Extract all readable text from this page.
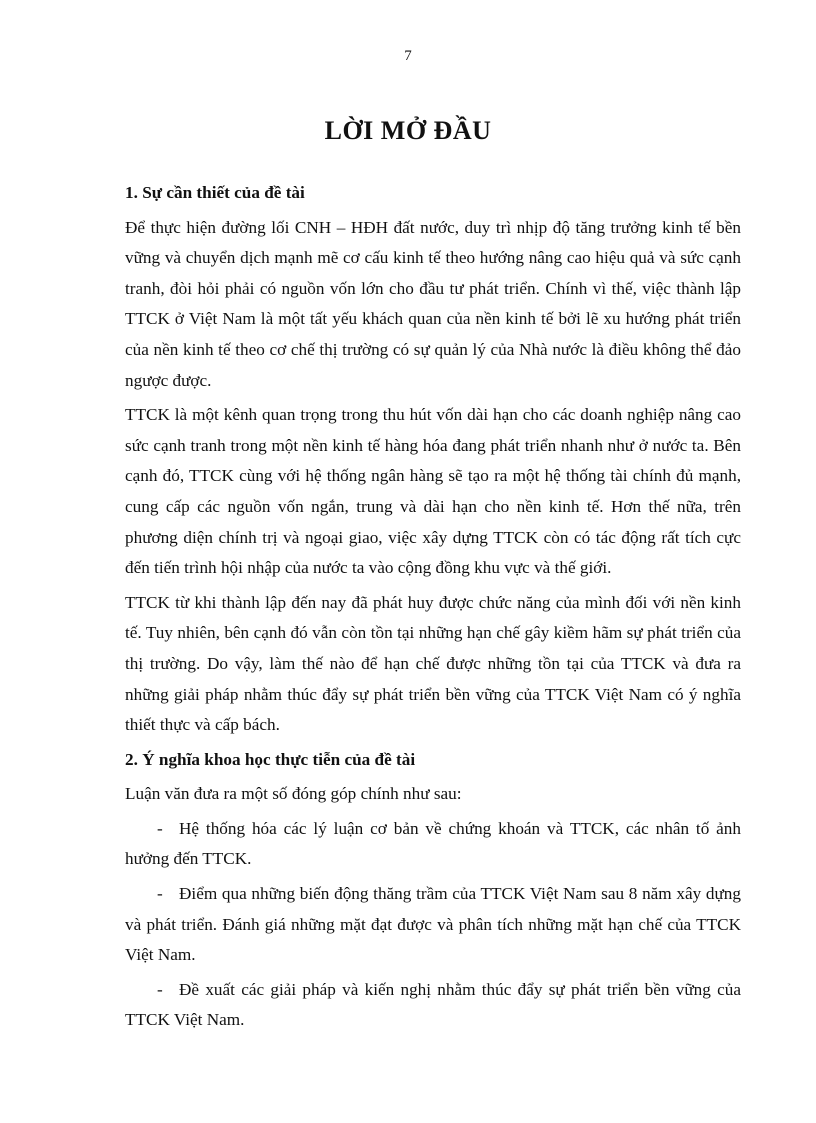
7
LỜI MỞ ĐẦU

1. Sự cần thiết của đề tài

Để thực hiện đường lối CNH – HĐH đất nước, duy trì nhịp độ tăng trưởng kinh tế bền vững và chuyển dịch mạnh mẽ cơ cấu kinh tế theo hướng nâng cao hiệu quả và sức cạnh tranh, đòi hỏi phải có nguồn vốn lớn cho đầu tư phát triển. Chính vì thế, việc thành lập TTCK ở Việt Nam là một tất yếu khách quan của nền kinh tế bởi lẽ xu hướng phát triển của nền kinh tế theo cơ chế thị trường có sự quản lý của Nhà nước là điều không thể đảo ngược được.

TTCK là một kênh quan trọng trong thu hút vốn dài hạn cho các doanh nghiệp nâng cao sức cạnh tranh trong một nền kinh tế hàng hóa đang phát triển nhanh như ở nước ta. Bên cạnh đó, TTCK cùng với hệ thống ngân hàng sẽ tạo ra một hệ thống tài chính đủ mạnh, cung cấp các nguồn vốn ngắn, trung và dài hạn cho nền kinh tế. Hơn thế nữa, trên phương diện chính trị và ngoại giao, việc xây dựng TTCK còn có tác động rất tích cực đến tiến trình hội nhập của nước ta vào cộng đồng khu vực và thế giới.

TTCK từ khi thành lập đến nay đã phát huy được chức năng của mình đối với nền kinh tế. Tuy nhiên, bên cạnh đó vẫn còn tồn tại những hạn chế gây kiềm hãm sự phát triển của thị trường. Do vậy, làm thế nào để hạn chế được những tồn tại của TTCK và đưa ra những giải pháp nhằm thúc đẩy sự phát triển bền vững của TTCK Việt Nam có ý nghĩa thiết thực và cấp bách.

2. Ý nghĩa khoa học thực tiễn của đề tài

Luận văn đưa ra một số đóng góp chính như sau:

- Hệ thống hóa các lý luận cơ bản về chứng khoán và TTCK, các nhân tố ảnh hưởng đến TTCK.

- Điểm qua những biến động thăng trầm của TTCK Việt Nam sau 8 năm xây dựng và phát triển. Đánh giá những mặt đạt được và phân tích những mặt hạn chế của TTCK Việt Nam.

- Đề xuất các giải pháp và kiến nghị nhằm thúc đẩy sự phát triển bền vững của TTCK Việt Nam.
